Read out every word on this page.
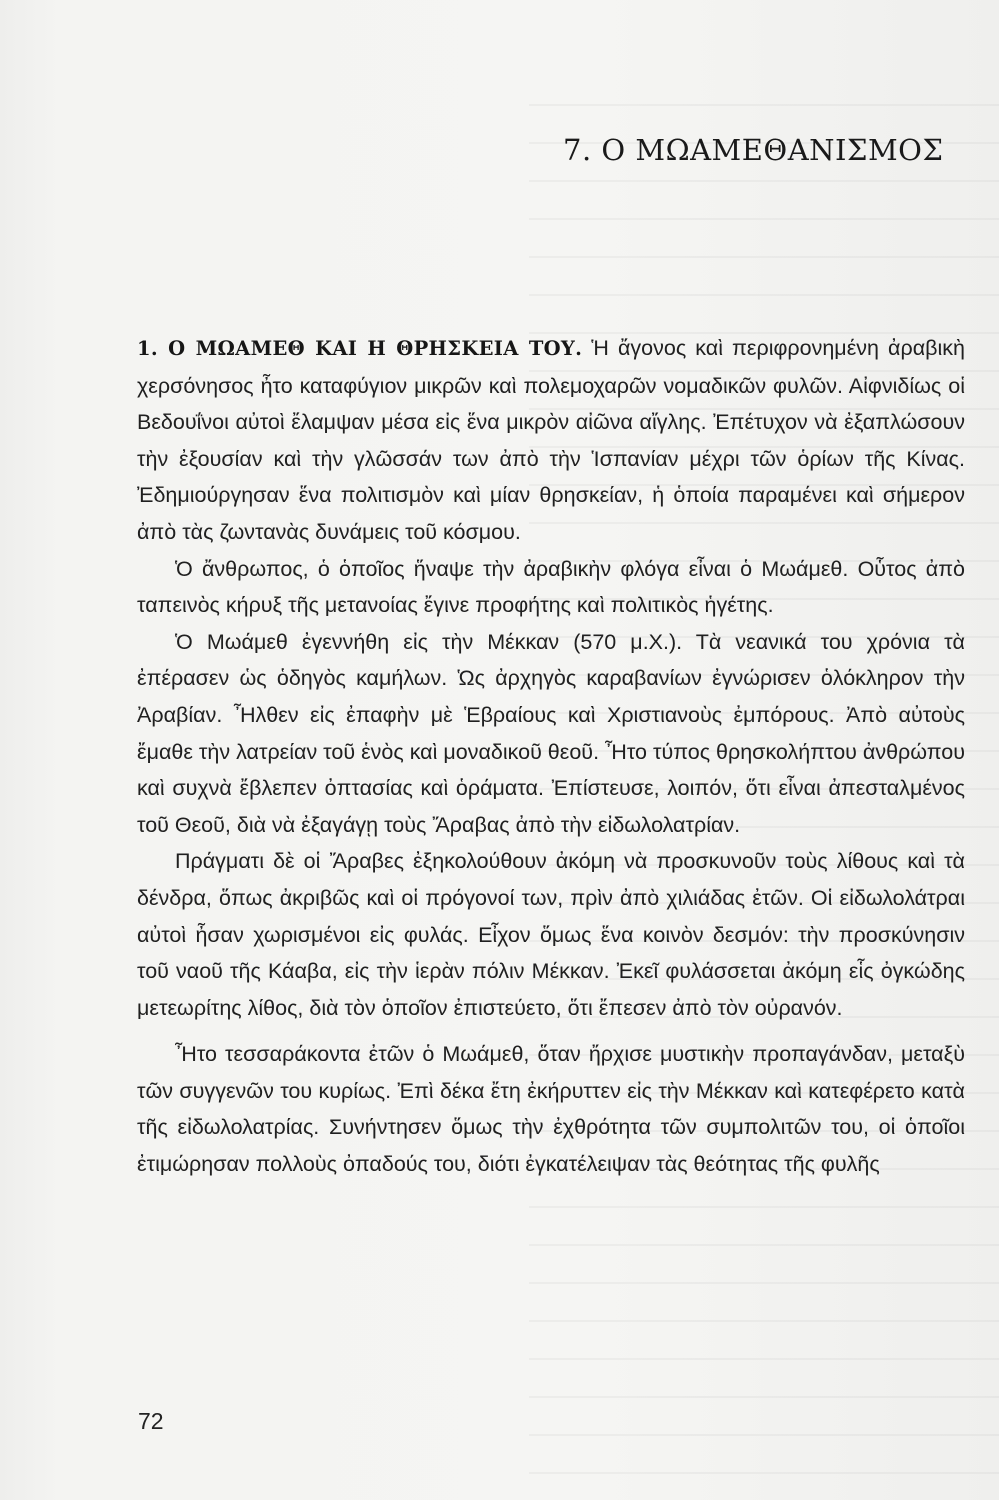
7. Ο ΜΩΑΜΕΘΑΝΙΣΜΟΣ

1. Ο ΜΩΑΜΕΘ ΚΑΙ Η ΘΡΗΣΚΕΙΑ ΤΟΥ. Ἡ ἄγονος καὶ περιφρονημένη ἀραβικὴ χερσόνησος ἦτο καταφύγιον μικρῶν καὶ πολεμοχαρῶν νομαδικῶν φυλῶν. Αἰφνιδίως οἱ Βεδουΐνοι αὐτοὶ ἔλαμψαν μέσα εἰς ἕνα μικρὸν αἰῶνα αἴγλης. Ἐπέτυχον νὰ ἐξαπλώσουν τὴν ἐξουσίαν καὶ τὴν γλῶσσάν των ἀπὸ τὴν Ἱσπανίαν μέχρι τῶν ὁρίων τῆς Κίνας. Ἐδημιούργησαν ἕνα πολιτισμὸν καὶ μίαν θρησκείαν, ἡ ὁποία παραμένει καὶ σήμερον ἀπὸ τὰς ζωντανὰς δυνάμεις τοῦ κόσμου.

Ὁ ἄνθρωπος, ὁ ὁποῖος ἥναψε τὴν ἀραβικὴν φλόγα εἶναι ὁ Μωάμεθ. Οὗτος ἀπὸ ταπεινὸς κήρυξ τῆς μετανοίας ἔγινε προφήτης καὶ πολιτικὸς ἡγέτης.

Ὁ Μωάμεθ ἐγεννήθη εἰς τὴν Μέκκαν (570 μ.Χ.). Τὰ νεανικά του χρόνια τὰ ἐπέρασεν ὡς ὁδηγὸς καμήλων. Ὡς ἀρχηγὸς καραβανίων ἐγνώρισεν ὁλόκληρον τὴν Ἀραβίαν. Ἦλθεν εἰς ἐπαφὴν μὲ Ἑβραίους καὶ Χριστιανοὺς ἐμπόρους. Ἀπὸ αὐτοὺς ἔμαθε τὴν λατρείαν τοῦ ἑνὸς καὶ μοναδικοῦ θεοῦ. Ἦτο τύπος θρησκολήπτου ἀνθρώπου καὶ συχνὰ ἔβλεπεν ὀπτασίας καὶ ὁράματα. Ἐπίστευσε, λοιπόν, ὅτι εἶναι ἀπεσταλμένος τοῦ Θεοῦ, διὰ νὰ ἐξαγάγῃ τοὺς Ἄραβας ἀπὸ τὴν εἰδωλολατρίαν.

Πράγματι δὲ οἱ Ἄραβες ἐξηκολούθουν ἀκόμη νὰ προσκυνοῦν τοὺς λίθους καὶ τὰ δένδρα, ὅπως ἀκριβῶς καὶ οἱ πρόγονοί των, πρὶν ἀπὸ χιλιάδας ἐτῶν. Οἱ εἰδωλολάτραι αὐτοὶ ἦσαν χωρισμένοι εἰς φυλάς. Εἶχον ὅμως ἕνα κοινὸν δεσμόν: τὴν προσκύνησιν τοῦ ναοῦ τῆς Κάαβα, εἰς τὴν ἱερὰν πόλιν Μέκκαν. Ἐκεῖ φυλάσσεται ἀκόμη εἷς ὀγκώδης μετεωρίτης λίθος, διὰ τὸν ὁποῖον ἐπιστεύετο, ὅτι ἔπεσεν ἀπὸ τὸν οὐρανόν.

Ἦτο τεσσαράκοντα ἐτῶν ὁ Μωάμεθ, ὅταν ἤρχισε μυστικὴν προπαγάνδαν, μεταξὺ τῶν συγγενῶν του κυρίως. Ἐπὶ δέκα ἔτη ἐκήρυττεν εἰς τὴν Μέκκαν καὶ κατεφέρετο κατὰ τῆς εἰδωλολατρίας. Συνήντησεν ὅμως τὴν ἐχθρότητα τῶν συμπολιτῶν του, οἱ ὁποῖοι ἐτιμώρησαν πολλοὺς ὀπαδούς του, διότι ἐγκατέλειψαν τὰς θεότητας τῆς φυλῆς

72
